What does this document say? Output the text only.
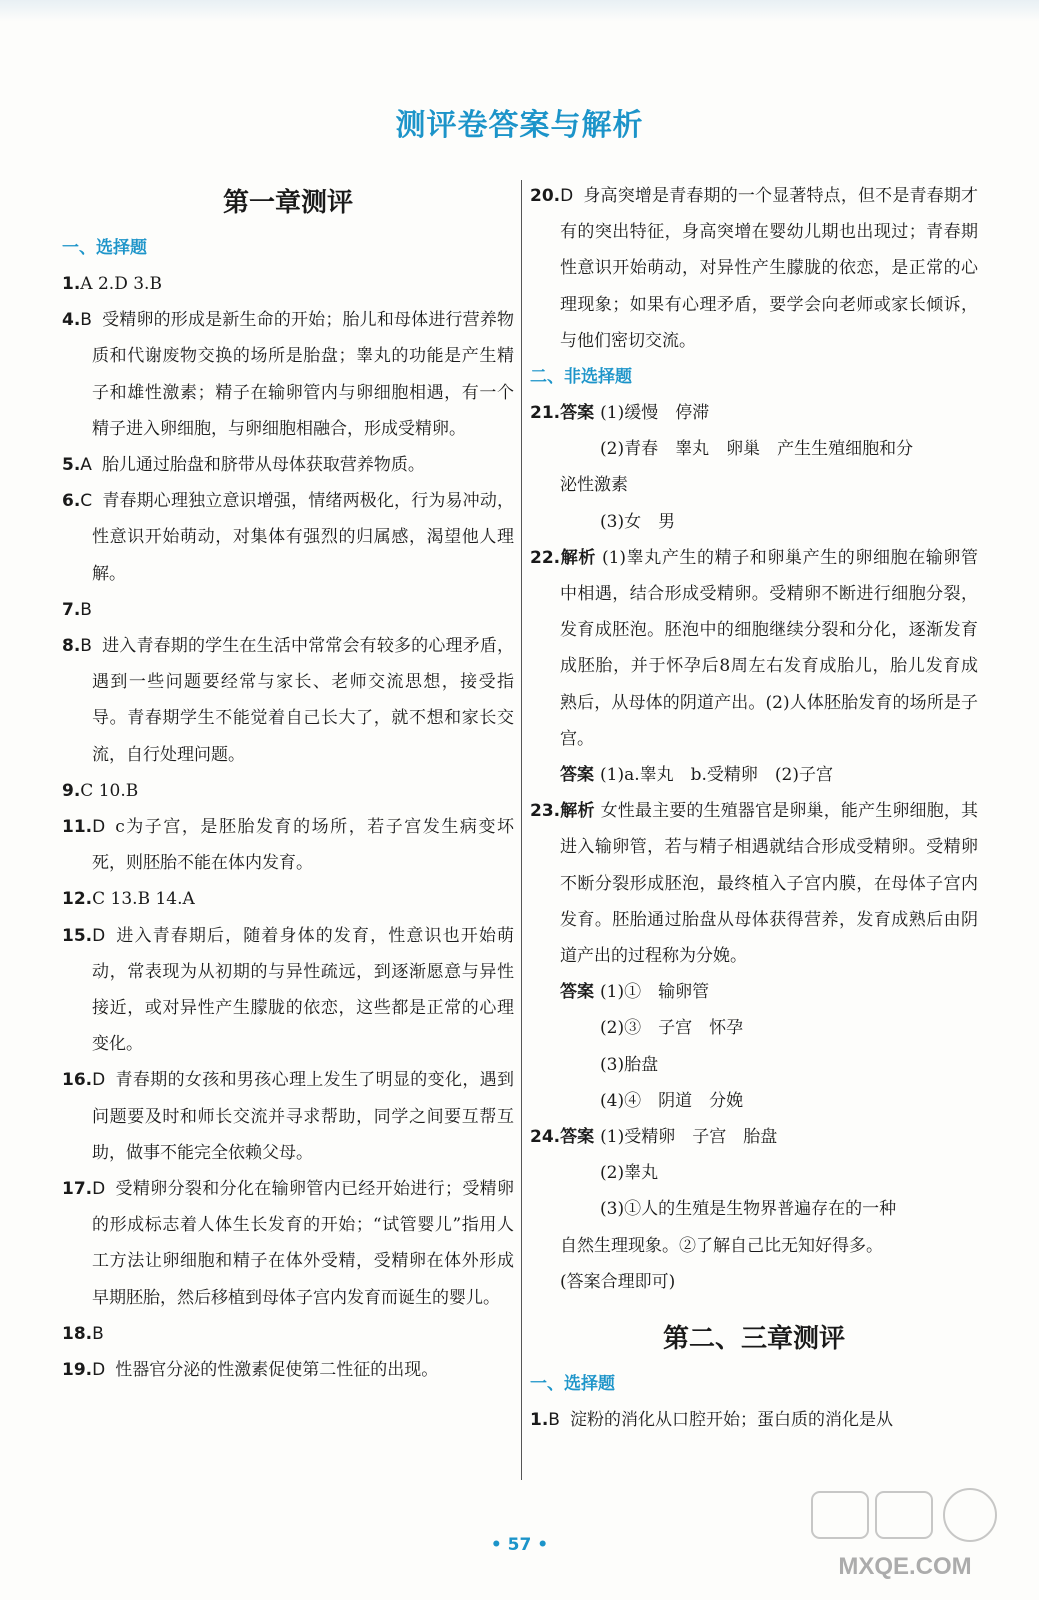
测评卷答案与解析
第一章测评
一、选择题
1.A 2.D 3.B
4.B 受精卵的形成是新生命的开始；胎儿和母体进行营养物质和代谢废物交换的场所是胎盘；睾丸的功能是产生精子和雄性激素；精子在输卵管内与卵细胞相遇，有一个精子进入卵细胞，与卵细胞相融合，形成受精卵。
5.A 胎儿通过胎盘和脐带从母体获取营养物质。
6.C 青春期心理独立意识增强，情绪两极化，行为易冲动，性意识开始萌动，对集体有强烈的归属感，渴望他人理解。
7.B
8.B 进入青春期的学生在生活中常常会有较多的心理矛盾，遇到一些问题要经常与家长、老师交流思想，接受指导。青春期学生不能觉着自己长大了，就不想和家长交流，自行处理问题。
9.C 10.B
11.D c为子宫，是胚胎发育的场所，若子宫发生病变坏死，则胚胎不能在体内发育。
12.C 13.B 14.A
15.D 进入青春期后，随着身体的发育，性意识也开始萌动，常表现为从初期的与异性疏远，到逐渐愿意与异性接近，或对异性产生朦胧的依恋，这些都是正常的心理变化。
16.D 青春期的女孩和男孩心理上发生了明显的变化，遇到问题要及时和师长交流并寻求帮助，同学之间要互帮互助，做事不能完全依赖父母。
17.D 受精卵分裂和分化在输卵管内已经开始进行；受精卵的形成标志着人体生长发育的开始；“试管婴儿”指用人工方法让卵细胞和精子在体外受精，受精卵在体外形成早期胚胎，然后移植到母体子宫内发育而诞生的婴儿。
18.B
19.D 性器官分泌的性激素促使第二性征的出现。
20.D 身高突增是青春期的一个显著特点，但不是青春期才有的突出特征，身高突增在婴幼儿期也出现过；青春期性意识开始萌动，对异性产生朦胧的依恋，是正常的心理现象；如果有心理矛盾，要学会向老师或家长倾诉，与他们密切交流。
二、非选择题
21.答案 (1)缓慢　停滞
(2)青春　睾丸　卵巢　产生生殖细胞和分
泌性激素
(3)女　男
22.解析 (1)睾丸产生的精子和卵巢产生的卵细胞在输卵管中相遇，结合形成受精卵。受精卵不断进行细胞分裂，发育成胚泡。胚泡中的细胞继续分裂和分化，逐渐发育成胚胎，并于怀孕后8周左右发育成胎儿，胎儿发育成熟后，从母体的阴道产出。(2)人体胚胎发育的场所是子宫。
答案 (1)a.睾丸　b.受精卵　(2)子宫
23.解析 女性最主要的生殖器官是卵巢，能产生卵细胞，其进入输卵管，若与精子相遇就结合形成受精卵。受精卵不断分裂形成胚泡，最终植入子宫内膜，在母体子宫内发育。胚胎通过胎盘从母体获得营养，发育成熟后由阴道产出的过程称为分娩。
答案 (1)①　输卵管
(2)③　子宫　怀孕
(3)胎盘
(4)④　阴道　分娩
24.答案 (1)受精卵　子宫　胎盘
(2)睾丸
(3)①人的生殖是生物界普遍存在的一种
自然生理现象。②了解自己比无知好得多。
(答案合理即可)
第二、三章测评
一、选择题
1.B 淀粉的消化从口腔开始；蛋白质的消化是从
• 57 •
MXQE.COM
